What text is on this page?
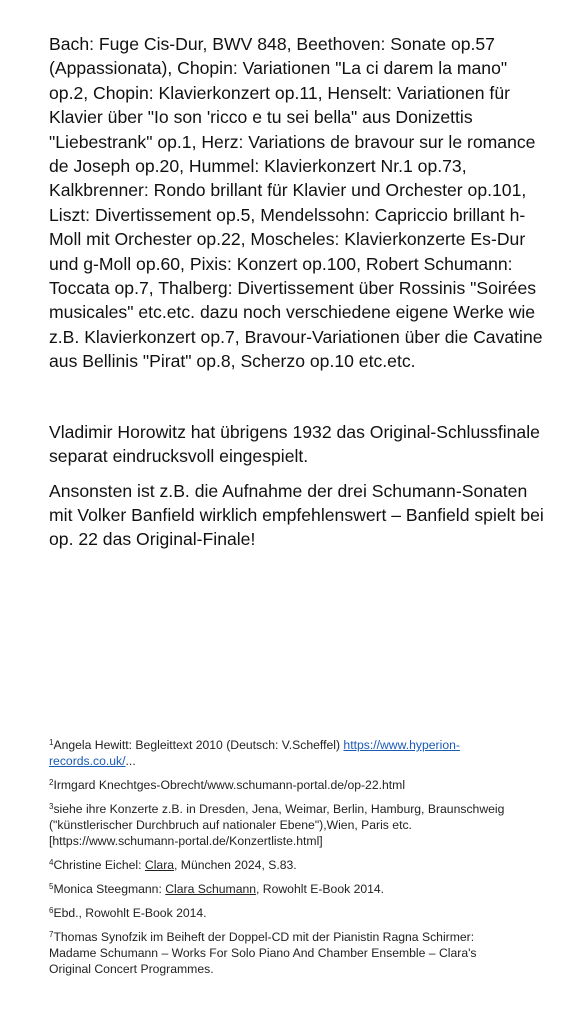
Bach: Fuge Cis-Dur, BWV 848, Beethoven: Sonate op.57 (Appassionata), Chopin: Variationen "La ci darem la mano" op.2, Chopin: Klavierkonzert op.11, Henselt: Variationen für Klavier über "Io son 'ricco e tu sei bella" aus Donizettis "Liebestrank" op.1, Herz: Variations de bravour sur le romance de Joseph op.20, Hummel: Klavierkonzert Nr.1 op.73, Kalkbrenner: Rondo brillant für Klavier und Orchester op.101, Liszt: Divertissement op.5, Mendelssohn: Capriccio brillant h-Moll mit Orchester op.22, Moscheles: Klavierkonzerte Es-Dur und g-Moll op.60, Pixis: Konzert op.100, Robert Schumann: Toccata op.7, Thalberg: Divertissement über Rossinis "Soirées musicales" etc.etc. dazu noch verschiedene eigene Werke wie z.B. Klavierkonzert op.7, Bravour-Variationen über die Cavatine aus Bellinis "Pirat" op.8, Scherzo op.10 etc.etc.

Vladimir Horowitz hat übrigens 1932 das Original-Schlussfinale separat eindrucksvoll eingespielt.

Ansonsten ist z.B. die Aufnahme der drei Schumann-Sonaten mit Volker Banfield wirklich empfehlenswert – Banfield spielt bei op. 22 das Original-Finale!

$^1$Angela Hewitt: Begleittext 2010 (Deutsch: V.Scheffel) https://www.hyperion-records.co.uk/...

$^2$Irmgard Knechtges-Obrecht/www.schumann-portal.de/op-22.html

$^3$siehe ihre Konzerte z.B. in Dresden, Jena, Weimar, Berlin, Hamburg, Braunschweig ("künstlerischer Durchbruch auf nationaler Ebene"),Wien, Paris etc. [https://www.schumann-portal.de/Konzertliste.html]

$^4$Christine Eichel: Clara, München 2024, S.83.

$^5$Monica Steegmann: Clara Schumann, Rowohlt E-Book 2014.

$^6$Ebd., Rowohlt E-Book 2014.

$^7$Thomas Synofzik im Beiheft der Doppel-CD mit der Pianistin Ragna Schirmer: Madame Schumann – Works For Solo Piano And Chamber Ensemble – Clara's Original Concert Programmes.
